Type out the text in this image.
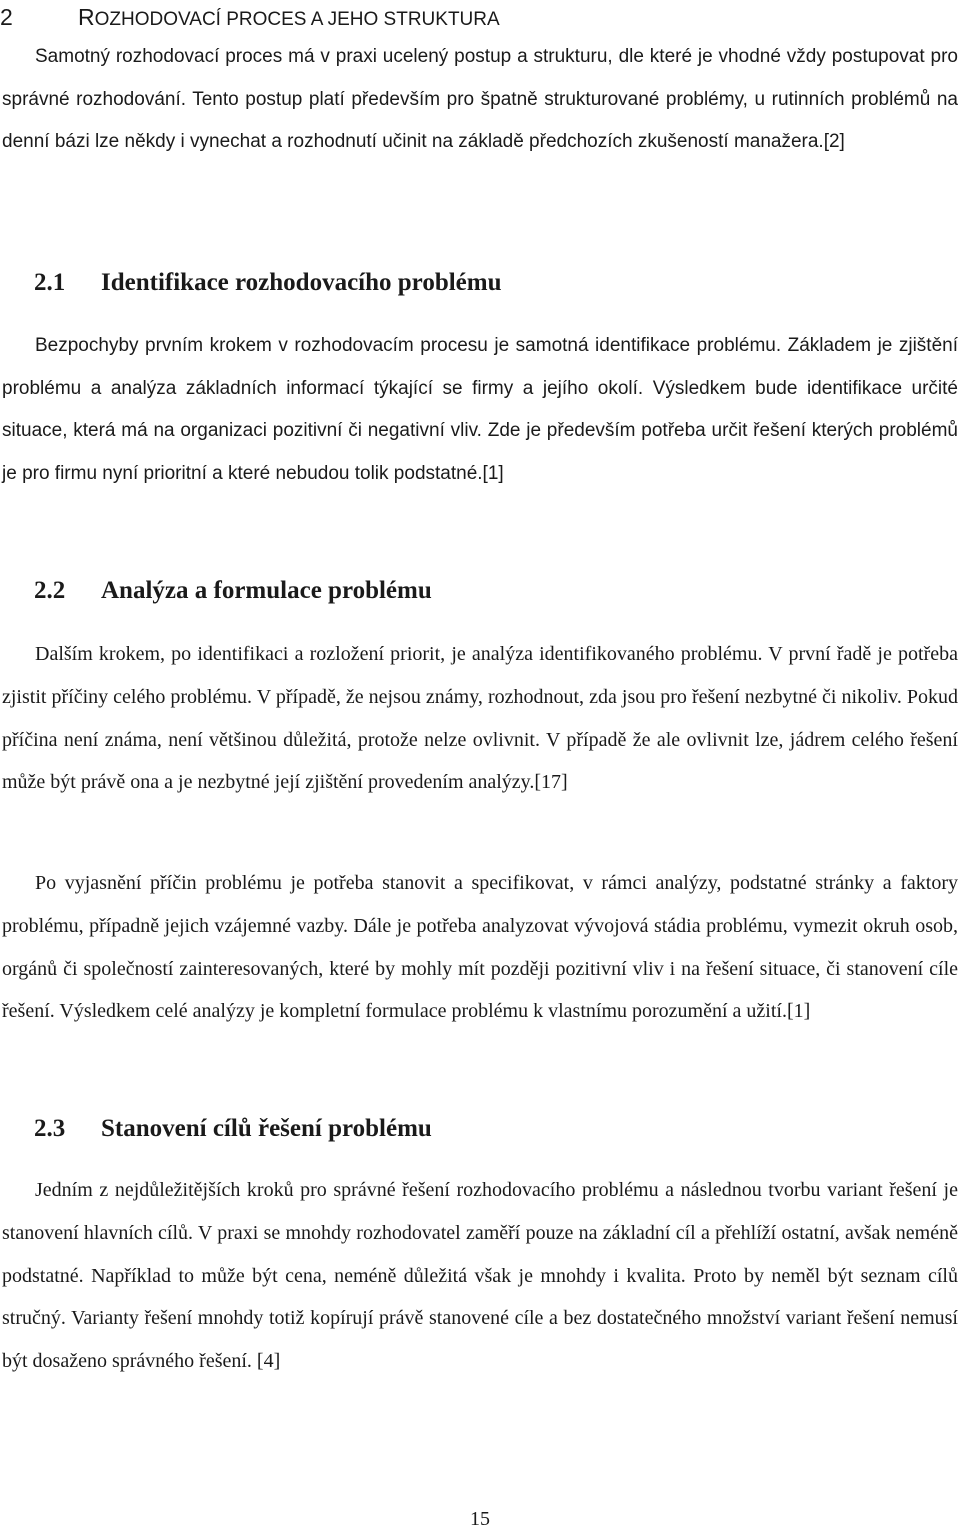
2	ROZHODOVACÍ PROCES A JEHO STRUKTURA

Samotný rozhodovací proces má v praxi ucelený postup a strukturu, dle které je vhodné vždy postupovat pro správné rozhodování. Tento postup platí především pro špatně strukturované problémy, u rutinních problémů na denní bázi lze někdy i vynechat a rozhodnutí učinit na základě předchozích zkušeností manažera.[2]

2.1 Identifikace rozhodovacího problému

Bezpochyby prvním krokem v rozhodovacím procesu je samotná identifikace problému. Základem je zjištění problému a analýza základních informací týkající se firmy a jejího okolí. Výsledkem bude identifikace určité situace, která má na organizaci pozitivní či negativní vliv. Zde je především potřeba určit řešení kterých problémů je pro firmu nyní prioritní a které nebudou tolik podstatné.[1]

2.2 Analýza a formulace problému

Dalším krokem, po identifikaci a rozložení priorit, je analýza identifikovaného problému. V první řadě je potřeba zjistit příčiny celého problému. V případě, že nejsou známy, rozhodnout, zda jsou pro řešení nezbytné či nikoliv. Pokud příčina není známa, není většinou důležitá, protože nelze ovlivnit. V případě že ale ovlivnit lze, jádrem celého řešení může být právě ona a je nezbytné její zjištění provedením analýzy.[17]

Po vyjasnění příčin problému je potřeba stanovit a specifikovat, v rámci analýzy, podstatné stránky a faktory problému, případně jejich vzájemné vazby. Dále je potřeba analyzovat vývojová stádia problému, vymezit okruh osob, orgánů či společností zainteresovaných, které by mohly mít později pozitivní vliv i na řešení situace, či stanovení cíle řešení. Výsledkem celé analýzy je kompletní formulace problému k vlastnímu porozumění a užití.[1]

2.3 Stanovení cílů řešení problému

Jedním z nejdůležitějších kroků pro správné řešení rozhodovacího problému a následnou tvorbu variant řešení je stanovení hlavních cílů. V praxi se mnohdy rozhodovatel zaměří pouze na základní cíl a přehlíží ostatní, avšak neméně podstatné. Například to může být cena, neméně důležitá však je mnohdy i kvalita. Proto by neměl být seznam cílů stručný. Varianty řešení mnohdy totiž kopírují právě stanovené cíle a bez dostatečného množství variant řešení nemusí být dosaženo správného řešení. [4]

15
